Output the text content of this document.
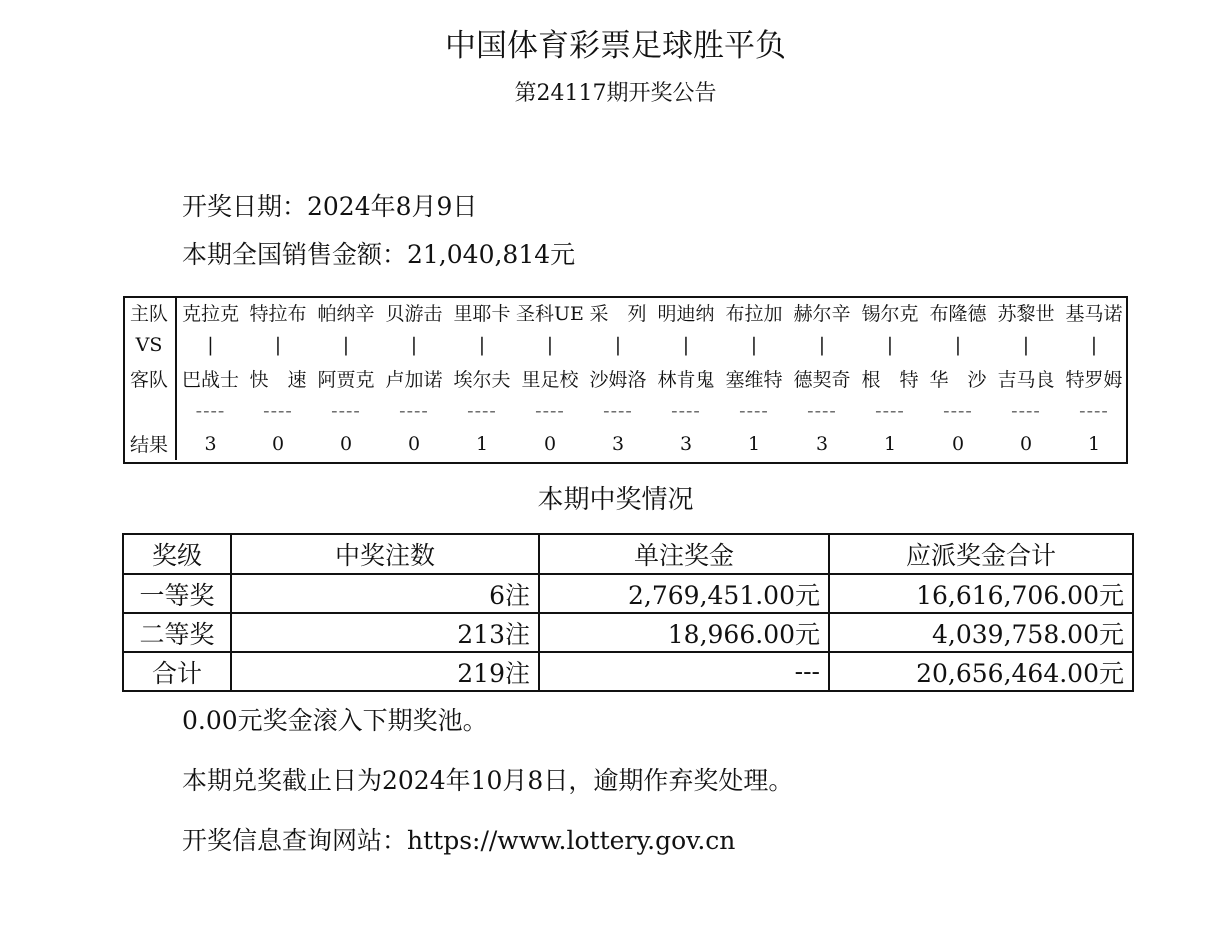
中国体育彩票足球胜平负
第24117期开奖公告
开奖日期：2024年8月9日
本期全国销售金额：21,040,814元
主队	克拉克	特拉布	帕纳辛	贝游击	里耶卡	圣科UE	采　列	明迪纳	布拉加	赫尔辛	锡尔克	布隆德	苏黎世	基马诺
VS	|	|	|	|	|	|	|	|	|	|	|	|	|	|
客队	巴战士	快　速	阿贾克	卢加诺	埃尔夫	里足校	沙姆洛	林肯鬼	塞维特	德契奇	根　特	华　沙	吉马良	特罗姆
	----	----	----	----	----	----	----	----	----	----	----	----	----	----
结果	3	0	0	0	1	0	3	3	1	3	1	0	0	1
本期中奖情况
奖级	中奖注数	单注奖金	应派奖金合计
一等奖	6注	2,769,451.00元	16,616,706.00元
二等奖	213注	18,966.00元	4,039,758.00元
合计	219注	---	20,656,464.00元
0.00元奖金滚入下期奖池。
本期兑奖截止日为2024年10月8日，逾期作弃奖处理。
开奖信息查询网站：https://www.lottery.gov.cn
